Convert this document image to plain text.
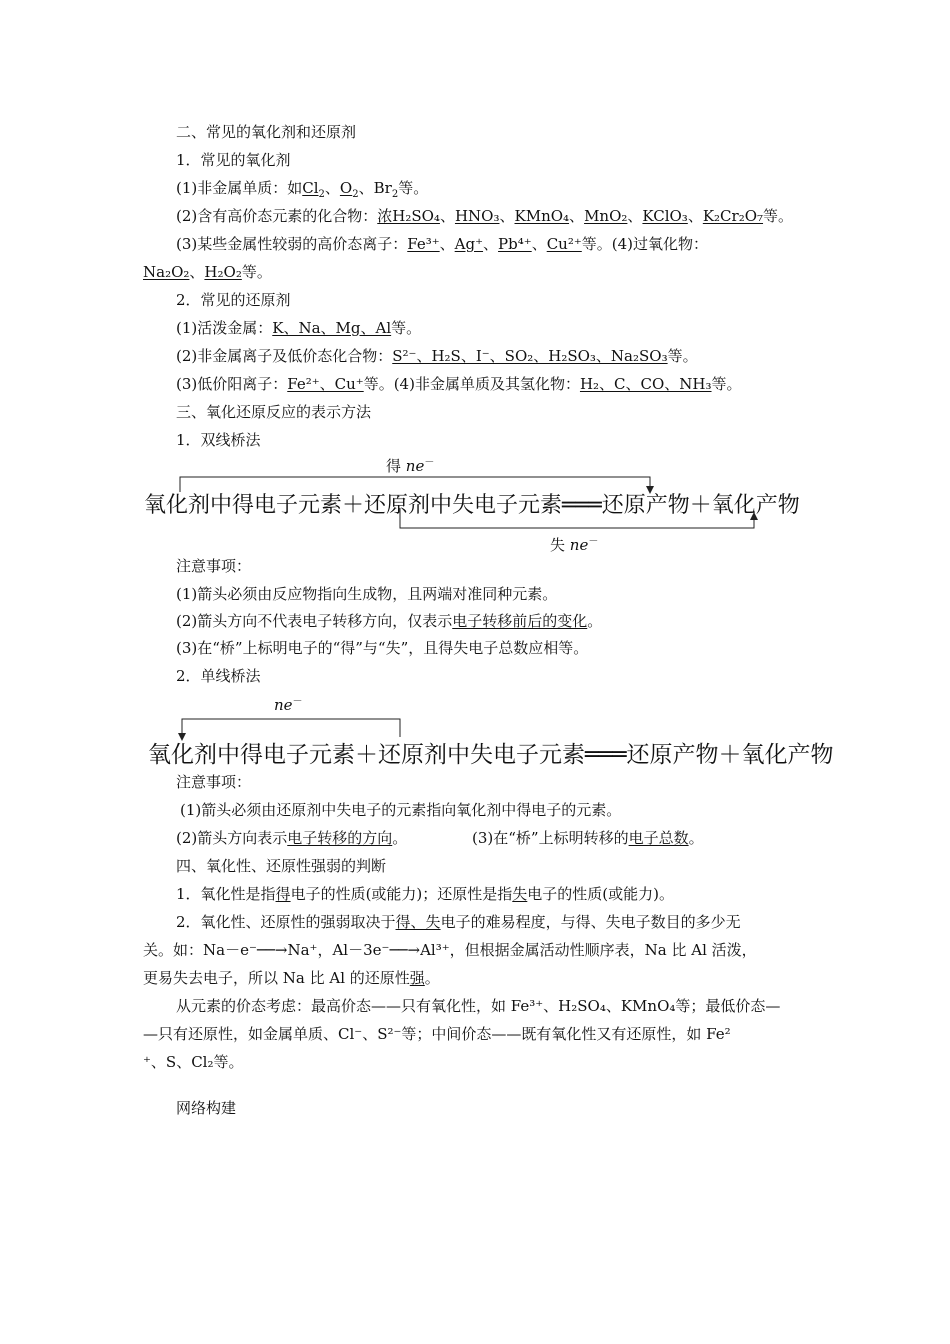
二、常见的氧化剂和还原剂
1．常见的氧化剂
(1)非金属单质：如$Cl_2$、$O_2$、$Br_2$等。
(2)含有高价态元素的化合物：浓H₂SO₄、HNO₃、KMnO₄、MnO₂、KClO₃、K₂Cr₂O₇等。
(3)某些金属性较弱的高价态离子：Fe³⁺、Ag⁺、Pb⁴⁺、Cu²⁺等。(4)过氧化物：
Na₂O₂、H₂O₂等。
2．常见的还原剂
(1)活泼金属：K、Na、Mg、Al等。
(2)非金属离子及低价态化合物：S²⁻、H₂S、I⁻、SO₂、H₂SO₃、Na₂SO₃等。
(3)低价阳离子：Fe²⁺、Cu⁺等。(4)非金属单质及其氢化物：H₂、C、CO、NH₃等。
三、氧化还原反应的表示方法
1．双线桥法
得 ne－
氧化剂中得电子元素＋还原剂中失电子元素═══还原产物＋氧化产物
失 ne－
注意事项：
(1)箭头必须由反应物指向生成物，且两端对准同种元素。
(2)箭头方向不代表电子转移方向，仅表示电子转移前后的变化。
(3)在“桥”上标明电子的“得”与“失”，且得失电子总数应相等。
2．单线桥法
ne－
氧化剂中得电子元素＋还原剂中失电子元素═══还原产物＋氧化产物
注意事项：
(1)箭头必须由还原剂中失电子的元素指向氧化剂中得电子的元素。
(2)箭头方向表示电子转移的方向。	(3)在“桥”上标明转移的电子总数。
四、氧化性、还原性强弱的判断
1．氧化性是指得电子的性质(或能力)；还原性是指失电子的性质(或能力)。
2．氧化性、还原性的强弱取决于得、失电子的难易程度，与得、失电子数目的多少无
关。如：Na－e⁻──→Na⁺，Al－3e⁻──→Al³⁺，但根据金属活动性顺序表，Na 比 Al 活泼，
更易失去电子，所以 Na 比 Al 的还原性强。
从元素的价态考虑：最高价态——只有氧化性，如 Fe³⁺、H₂SO₄、KMnO₄等；最低价态—
—只有还原性，如金属单质、Cl⁻、S²⁻等；中间价态——既有氧化性又有还原性，如 Fe²
⁺、S、Cl₂等。
网络构建
